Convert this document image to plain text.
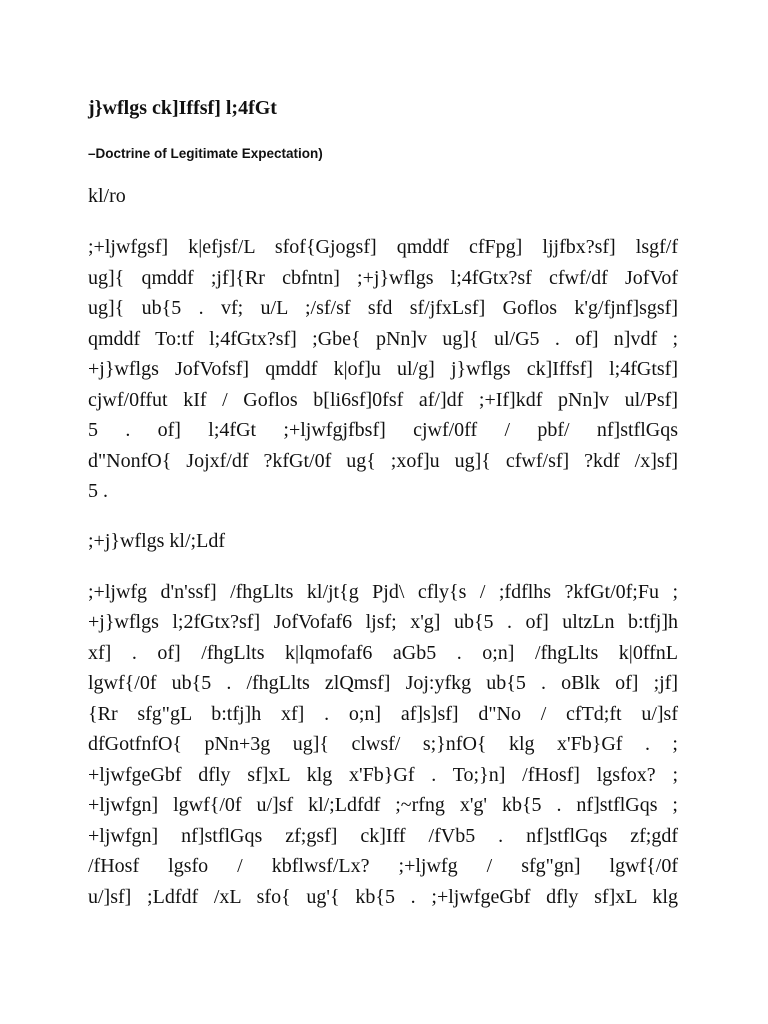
j}wflgs ck]Iffsf] l;4fGt
–Doctrine of Legitimate Expectation)
kl/ro
;+ljwfgsf] k|efjsf/L sfof{Gjogsf] qmddf cfFpg] ljjfbx?sf] lsgf/f
ug]{ qmddf ;jf]{Rr cbfntn] ;+j}wflgs l;4fGtx?sf cfwf/df JofVof
ug]{ ub{5 . vf; u/L ;/sf/sf sfd sf/jfxLsf] Goflos k'g/fjnf]sgsf]
qmddf To:tf l;4fGtx?sf] ;Gbe{ pNn]v ug]{ ul/G5 . of] n]vdf ;
+j}wflgs JofVofsf] qmddf k|of]u ul/g] j}wflgs ck]Iffsf] l;4fGtsf]
cjwf/0ffut kIf / Goflos b[li6sf]0fsf af/]df ;+If]kdf pNn]v ul/Psf]
5 . of] l;4fGt ;+ljwfgjfbsf] cjwf/0ff / pbf/ nf]stflGqs
d"NonfO{ Jojxf/df ?kfGt/0f ug{ ;xof]u ug]{ cfwf/sf] ?kdf /x]sf]
5 .
;+j}wflgs kl/;Ldf
;+ljwfg d'n'ssf] /fhgLlts kl/jt{g Pjd\ cfly{s / ;fdflhs ?kfGt/0f;Fu ;
+j}wflgs l;2fGtx?sf] JofVofaf6 ljsf; x'g] ub{5 . of] ultzLn b:tfj]h
xf] . of] /fhgLlts k|lqmofaf6 aGb5 . o;n] /fhgLlts k|0ffnL
lgwf{/0f ub{5 . /fhgLlts zlQmsf] Joj:yfkg ub{5 . oBlk of] ;jf]
{Rr sfg"gL b:tfj]h xf] . o;n] af]s]sf] d"No / cfTd;ft u/]sf
dfGotfnfO{ pNn+3g ug]{ clwsf/ s;}nfO{ klg x'Fb}Gf . ;
+ljwfgeGbf dfly sf]xL klg x'Fb}Gf . To;}n] /fHosf] lgsfox? ;
+ljwfgn] lgwf{/0f u/]sf kl/;Ldfdf ;~rfng x'g' kb{5 . nf]stflGqs ;
+ljwfgn] nf]stflGqs zf;gsf] ck]Iff /fVb5 . nf]stflGqs zf;gdf
/fHosf lgsfo / kbflwsf/Lx? ;+ljwfg / sfg"gn] lgwf{/0f
u/]sf] ;Ldfdf /xL sfo{ ug'{ kb{5 . ;+ljwfgeGbf dfly sf]xL klg
